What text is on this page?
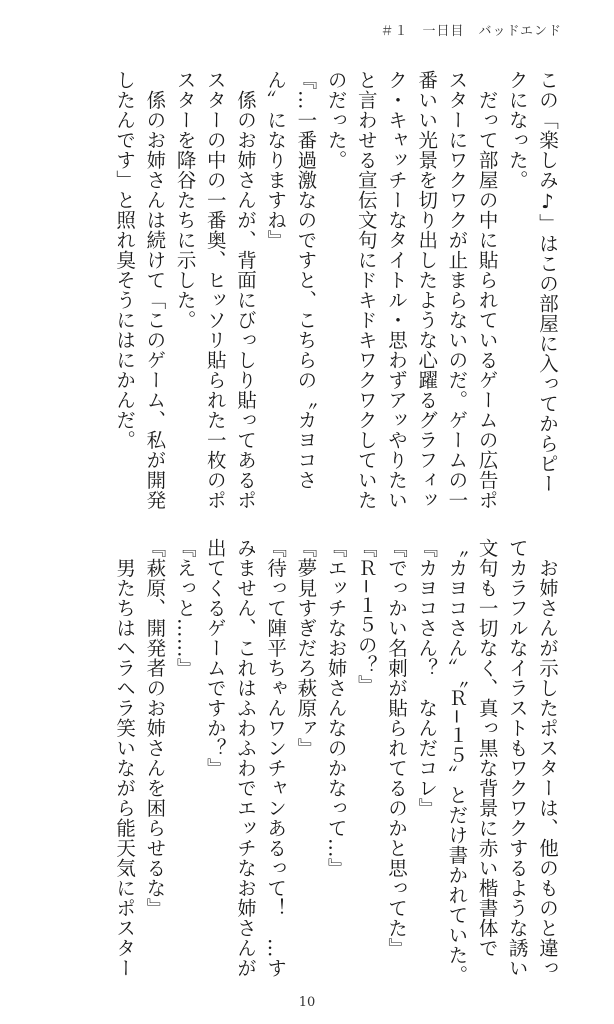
＃１ 一日目　バッドエンド

この「楽しみ♪」はこの部屋に入ってからピー

クになった。

　だって部屋の中に貼られているゲームの広告ポ

スターにワクワクが止まらないのだ。ゲームの一

番いい光景を切り出したような心躍るグラフィッ

ク・キャッチーなタイトル・思わずアッやりたい

と言わせる宣伝文句にドキドキワクワクしていた

のだった。

『…一番過激なのですと、こちらの〝カヨコさ

ん〟になりますね』

　係のお姉さんが、背面にびっしり貼ってあるポ

スターの中の一番奥、ヒッソリ貼られた一枚のポ

スターを降谷たちに示した。

　係のお姉さんは続けて「このゲーム、私が開発

したんです」と照れ臭そうにはにかんだ。

　お姉さんが示したポスターは、他のものと違っ

てカラフルなイラストもワクワクするような誘い

文句も一切なく、真っ黒な背景に赤い楷書体で

〝カヨコさん〟〝Ｒ−１５〟とだけ書かれていた。

『カヨコさん？　なんだコレ』

『でっかい名刺が貼られてるのかと思ってた』

『Ｒ−１５の？』

『エッチなお姉さんなのかなって…』

『夢見すぎだろ萩原ァ』

『待って陣平ちゃんワンチャンあるって！　…す

みません、これはふわふわでエッチなお姉さんが

出てくるゲームですか？』

『えっと……』

『萩原、開発者のお姉さんを困らせるな』

　男たちはヘラヘラ笑いながら能天気にポスター

10
